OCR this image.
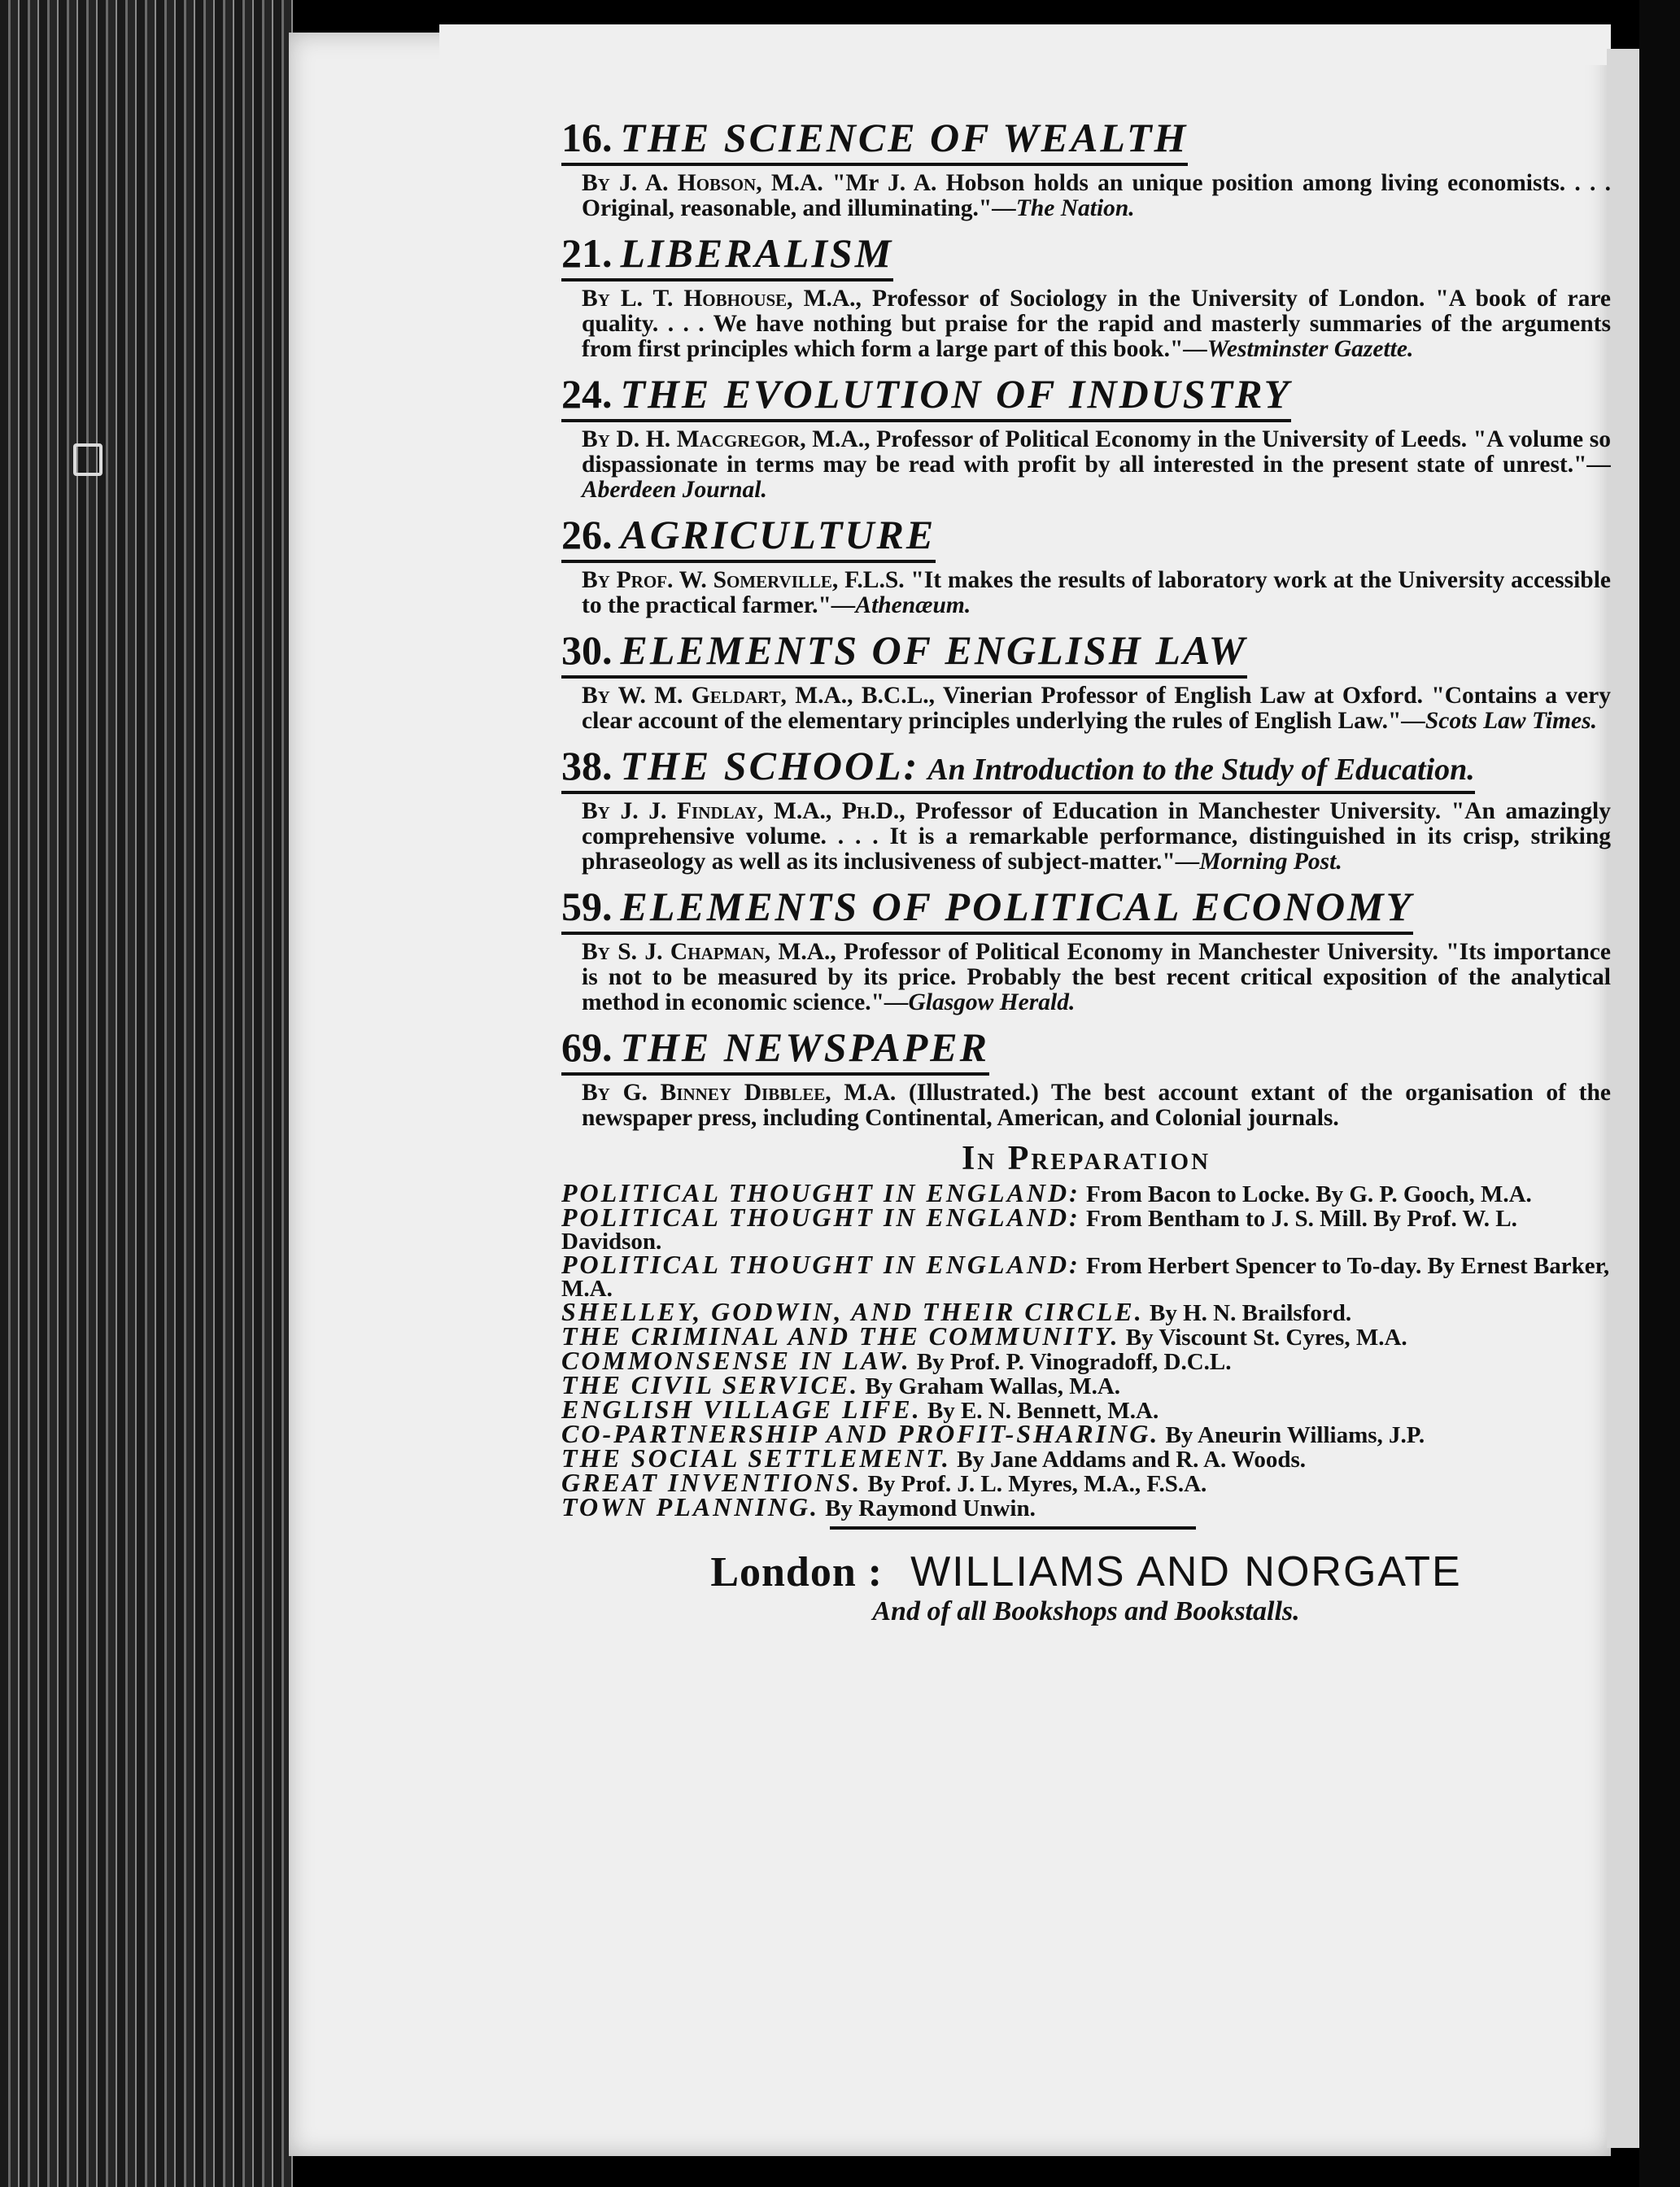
16. THE SCIENCE OF WEALTH
By J. A. Hobson, M.A. "Mr J. A. Hobson holds an unique position among living economists. . . . Original, reasonable, and illuminating."—The Nation.
21. LIBERALISM
By L. T. Hobhouse, M.A., Professor of Sociology in the University of London. "A book of rare quality. . . . We have nothing but praise for the rapid and masterly summaries of the arguments from first principles which form a large part of this book."—Westminster Gazette.
24. THE EVOLUTION OF INDUSTRY
By D. H. Macgregor, M.A., Professor of Political Economy in the University of Leeds. "A volume so dispassionate in terms may be read with profit by all interested in the present state of unrest."—Aberdeen Journal.
26. AGRICULTURE
By Prof. W. Somerville, F.L.S. "It makes the results of laboratory work at the University accessible to the practical farmer."—Athenæum.
30. ELEMENTS OF ENGLISH LAW
By W. M. Geldart, M.A., B.C.L., Vinerian Professor of English Law at Oxford. "Contains a very clear account of the elementary principles underlying the rules of English Law."—Scots Law Times.
38. THE SCHOOL: An Introduction to the Study of Education.
By J. J. Findlay, M.A., Ph.D., Professor of Education in Manchester University. "An amazingly comprehensive volume. . . . It is a remarkable performance, distinguished in its crisp, striking phraseology as well as its inclusiveness of subject-matter."—Morning Post.
59. ELEMENTS OF POLITICAL ECONOMY
By S. J. Chapman, M.A., Professor of Political Economy in Manchester University. "Its importance is not to be measured by its price. Probably the best recent critical exposition of the analytical method in economic science."—Glasgow Herald.
69. THE NEWSPAPER
By G. Binney Dibblee, M.A. (Illustrated.) The best account extant of the organisation of the newspaper press, including Continental, American, and Colonial journals.
In Preparation
POLITICAL THOUGHT IN ENGLAND: From Bacon to Locke. By G. P. Gooch, M.A.
POLITICAL THOUGHT IN ENGLAND: From Bentham to J. S. Mill. By Prof. W. L. Davidson.
POLITICAL THOUGHT IN ENGLAND: From Herbert Spencer to To-day. By Ernest Barker, M.A.
SHELLEY, GODWIN, AND THEIR CIRCLE. By H. N. Brailsford.
THE CRIMINAL AND THE COMMUNITY. By Viscount St. Cyres, M.A.
COMMONSENSE IN LAW. By Prof. P. Vinogradoff, D.C.L.
THE CIVIL SERVICE. By Graham Wallas, M.A.
ENGLISH VILLAGE LIFE. By E. N. Bennett, M.A.
CO-PARTNERSHIP AND PROFIT-SHARING. By Aneurin Williams, J.P.
THE SOCIAL SETTLEMENT. By Jane Addams and R. A. Woods.
GREAT INVENTIONS. By Prof. J. L. Myres, M.A., F.S.A.
TOWN PLANNING. By Raymond Unwin.
London : WILLIAMS AND NORGATE
And of all Bookshops and Bookstalls.
